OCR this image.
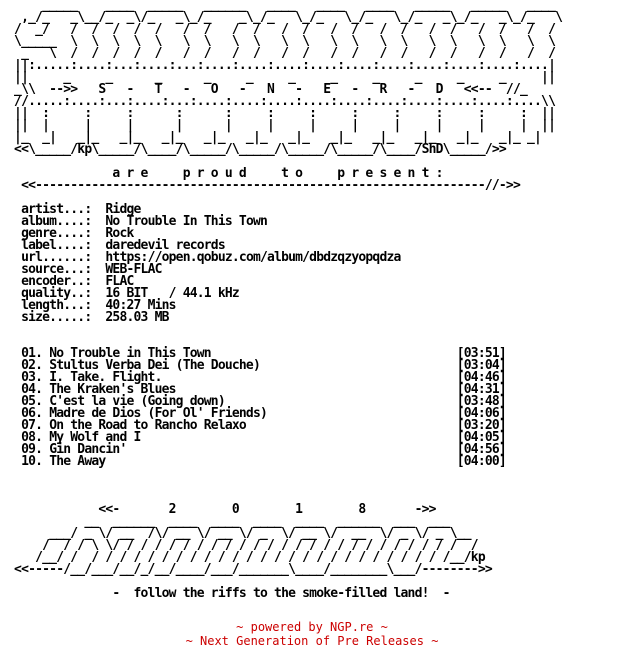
_____    ____  _____   ______   ____   ____   ____   _____   _____   ____
,_/_   _\__/_  _\/_   _\_/_    _\_/_   \_/_   \_/_   \_/_   _\_/_   _\_/_   \
/  _/   /  /  /  /  /   /  /   /  /   /  /   /  /   /  /   /  /   /  /   /  /
\_____  \  \  \  \  \   \  \   \  \   \  \   \  \   \  \   \  \   \  \   \  \
_   \  /  /  /  /  /   /  /   /  /   /  /   /  /   /  /   /  /   /  /   /  /
||:.....:....:...:....:...:....:....:....:....:....:....:....:....:....:....|
||     _     _      _      _     _     _     _     _     _     _     _     ||
_\\  -->>   S   -   T   -   O   -   N   -   E   -   R   -   D   <<--  //_
//.....:....:...:....:...:....:....:....:....:....:....:....:....:....:....\\
||  :     :     :      :      :     :     :     :     :     :     :     :  ||
||  |     |     |      |      |     |     |     |     |     |     |     |  ||
|_  _|   _|_   _|_   _|_   _|_   _|_   _|_   _|_   _|_   _|_   _|_   _|_ _|
<<\_____/kp\_____/\____/\_____/\_____/\_____/\_____/\____/ShD\_____/>>

a r e     p r o u d     t o     p r e s e n t :
<<----------------------------------------------------------------//->>

artist...:  Ridge
album....:  No Trouble In This Town
genre....:  Rock
label....:  daredevil records
url......:  https://open.qobuz.com/album/dbdzqzyopqdza
source...:  WEB-FLAC
encoder..:  FLAC
quality..:  16 BIT   / 44.1 kHz
length...:  40:27 Mins
size.....:  258.03 MB

01. No Trouble in This Town	[03:51]
02. Stultus Verba Dei (The Douche)	[03:04]
03. I. Take. Flight.	[04:46]
04. The Kraken's Blues	[04:31]
05. C'est la vie (Going down)	[03:48]
06. Madre de Dios (For Ol' Friends)	[04:06]
07. On the Road to Rancho Relaxo	[03:20]
08. My Wolf and I	[04:05]
09. Gin Dancin'	[04:56]
10. The Away	[04:00]

<<-       2        0        1        8       ->>
__  ______  ____  ____  ____  ____  ______  ___  ___
___/ _ \/ __  /\/ __ \/ __ \/ _  \/ __ \/  __  \/ _ \/ _ \__
/  / / \ \/ / / / / / / / / / / / / / / / / / / / / / / / /  /
/__/ /  / / / / / / / / / / / / / / / / / / / / / / / / / /__/kp
<<-----/__/___/__/_/__/____/___/_______\____/________\___/-------->>

-  follow the riffs to the smoke-filled land!  -

~ powered by NGP.re ~
~ Next Generation of Pre Releases ~
